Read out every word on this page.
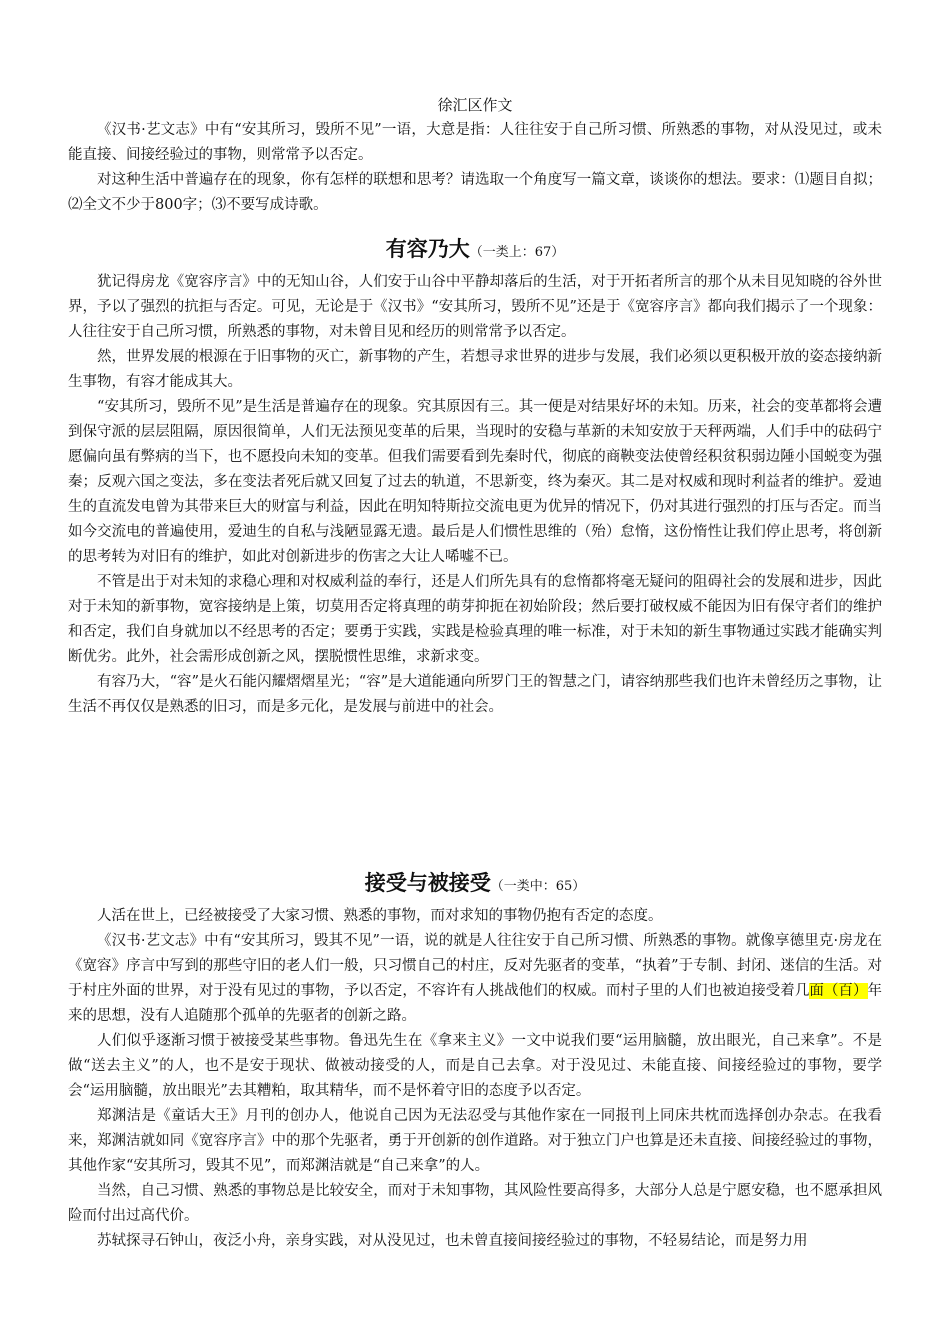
徐汇区作文

《汉书·艺文志》中有“安其所习，毁所不见”一语，大意是指：人往往安于自己所习惯、所熟悉的事物，对从没见过，或未能直接、间接经验过的事物，则常常予以否定。

对这种生活中普遍存在的现象，你有怎样的联想和思考？请选取一个角度写一篇文章，谈谈你的想法。要求：⑴题目自拟；⑵全文不少于800字；⑶不要写成诗歌。

有容乃大（一类上：67）

犹记得房龙《宽容序言》中的无知山谷，人们安于山谷中平静却落后的生活，对于开拓者所言的那个从未目见知晓的谷外世界，予以了强烈的抗拒与否定。可见，无论是于《汉书》“安其所习，毁所不见”还是于《宽容序言》都向我们揭示了一个现象：人往往安于自己所习惯，所熟悉的事物，对未曾目见和经历的则常常予以否定。

然，世界发展的根源在于旧事物的灭亡，新事物的产生，若想寻求世界的进步与发展，我们必须以更积极开放的姿态接纳新生事物，有容才能成其大。

“安其所习，毁所不见”是生活是普遍存在的现象。究其原因有三。其一便是对结果好坏的未知。历来，社会的变革都将会遭到保守派的层层阻隔，原因很简单，人们无法预见变革的后果，当现时的安稳与革新的未知安放于天秤两端，人们手中的砝码宁愿偏向虽有弊病的当下，也不愿投向未知的变革。但我们需要看到先秦时代，彻底的商鞅变法使曾经积贫积弱边陲小国蜕变为强秦；反观六国之变法，多在变法者死后就又回复了过去的轨道，不思新变，终为秦灭。其二是对权威和现时利益者的维护。爱迪生的直流发电曾为其带来巨大的财富与利益，因此在明知特斯拉交流电更为优异的情况下，仍对其进行强烈的打压与否定。而当如今交流电的普遍使用，爱迪生的自私与浅陋显露无遗。最后是人们惯性思维的（殆）怠惰，这份惰性让我们停止思考，将创新的思考转为对旧有的维护，如此对创新进步的伤害之大让人唏嘘不已。

不管是出于对未知的求稳心理和对权威利益的奉行，还是人们所先具有的怠惰都将毫无疑问的阻碍社会的发展和进步，因此对于未知的新事物，宽容接纳是上策，切莫用否定将真理的萌芽抑扼在初始阶段；然后要打破权威不能因为旧有保守者们的维护和否定，我们自身就加以不经思考的否定；要勇于实践，实践是检验真理的唯一标准，对于未知的新生事物通过实践才能确实判断优劣。此外，社会需形成创新之风，摆脱惯性思维，求新求变。

有容乃大，“容”是火石能闪耀熠熠星光；“容”是大道能通向所罗门王的智慧之门，请容纳那些我们也许未曾经历之事物，让生活不再仅仅是熟悉的旧习，而是多元化，是发展与前进中的社会。

接受与被接受（一类中：65）

人活在世上，已经被接受了大家习惯、熟悉的事物，而对求知的事物仍抱有否定的态度。

《汉书·艺文志》中有“安其所习，毁其不见”一语，说的就是人往往安于自己所习惯、所熟悉的事物。就像享德里克·房龙在《宽容》序言中写到的那些守旧的老人们一般，只习惯自己的村庄，反对先驱者的变革，“执着”于专制、封闭、迷信的生活。对于村庄外面的世界，对于没有见过的事物，予以否定，不容许有人挑战他们的权威。而村子里的人们也被迫接受着几面（百）年来的思想，没有人追随那个孤单的先驱者的创新之路。

人们似乎逐渐习惯于被接受某些事物。鲁迅先生在《拿来主义》一文中说我们要“运用脑髓，放出眼光，自己来拿”。不是做“送去主义”的人，也不是安于现状、做被动接受的人，而是自己去拿。对于没见过、未能直接、间接经验过的事物，要学会“运用脑髓，放出眼光”去其糟粕，取其精华，而不是怀着守旧的态度予以否定。

郑渊洁是《童话大王》月刊的创办人，他说自己因为无法忍受与其他作家在一同报刊上同床共枕而选择创办杂志。在我看来，郑渊洁就如同《宽容序言》中的那个先驱者，勇于开创新的创作道路。对于独立门户也算是还未直接、间接经验过的事物，其他作家“安其所习，毁其不见”，而郑渊洁就是“自己来拿”的人。

当然，自己习惯、熟悉的事物总是比较安全，而对于未知事物，其风险性要高得多，大部分人总是宁愿安稳，也不愿承担风险而付出过高代价。

苏轼探寻石钟山，夜泛小舟，亲身实践，对从没见过，也未曾直接间接经验过的事物，不轻易结论，而是努力用
